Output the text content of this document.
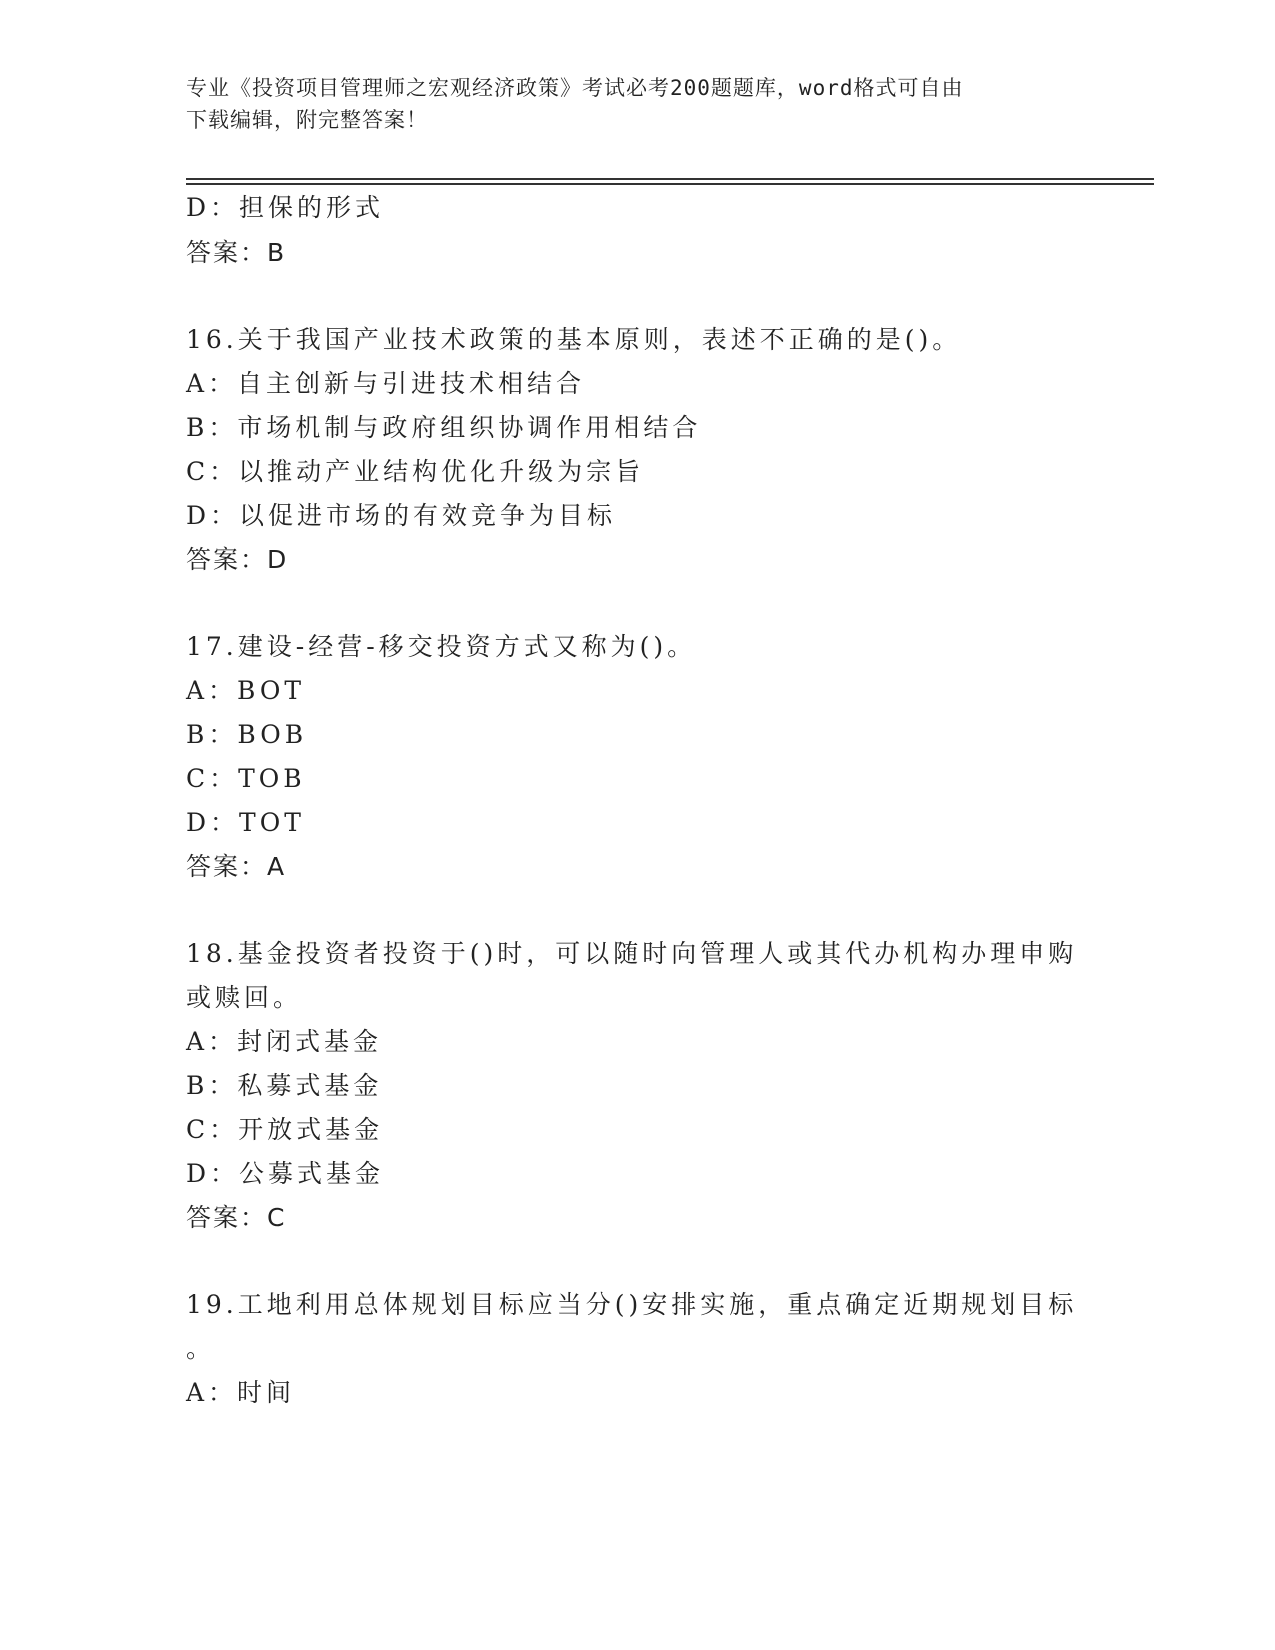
专业《投资项目管理师之宏观经济政策》考试必考200题题库，word格式可自由
下载编辑，附完整答案！
D：担保的形式
答案：B
16.关于我国产业技术政策的基本原则，表述不正确的是()。
A：自主创新与引进技术相结合
B：市场机制与政府组织协调作用相结合
C：以推动产业结构优化升级为宗旨
D：以促进市场的有效竞争为目标
答案：D
17.建设-经营-移交投资方式又称为()。
A：BOT
B：BOB
C：TOB
D：TOT
答案：A
18.基金投资者投资于()时，可以随时向管理人或其代办机构办理申购
或赎回。
A：封闭式基金
B：私募式基金
C：开放式基金
D：公募式基金
答案：C
19.工地利用总体规划目标应当分()安排实施，重点确定近期规划目标
。
A：时间
